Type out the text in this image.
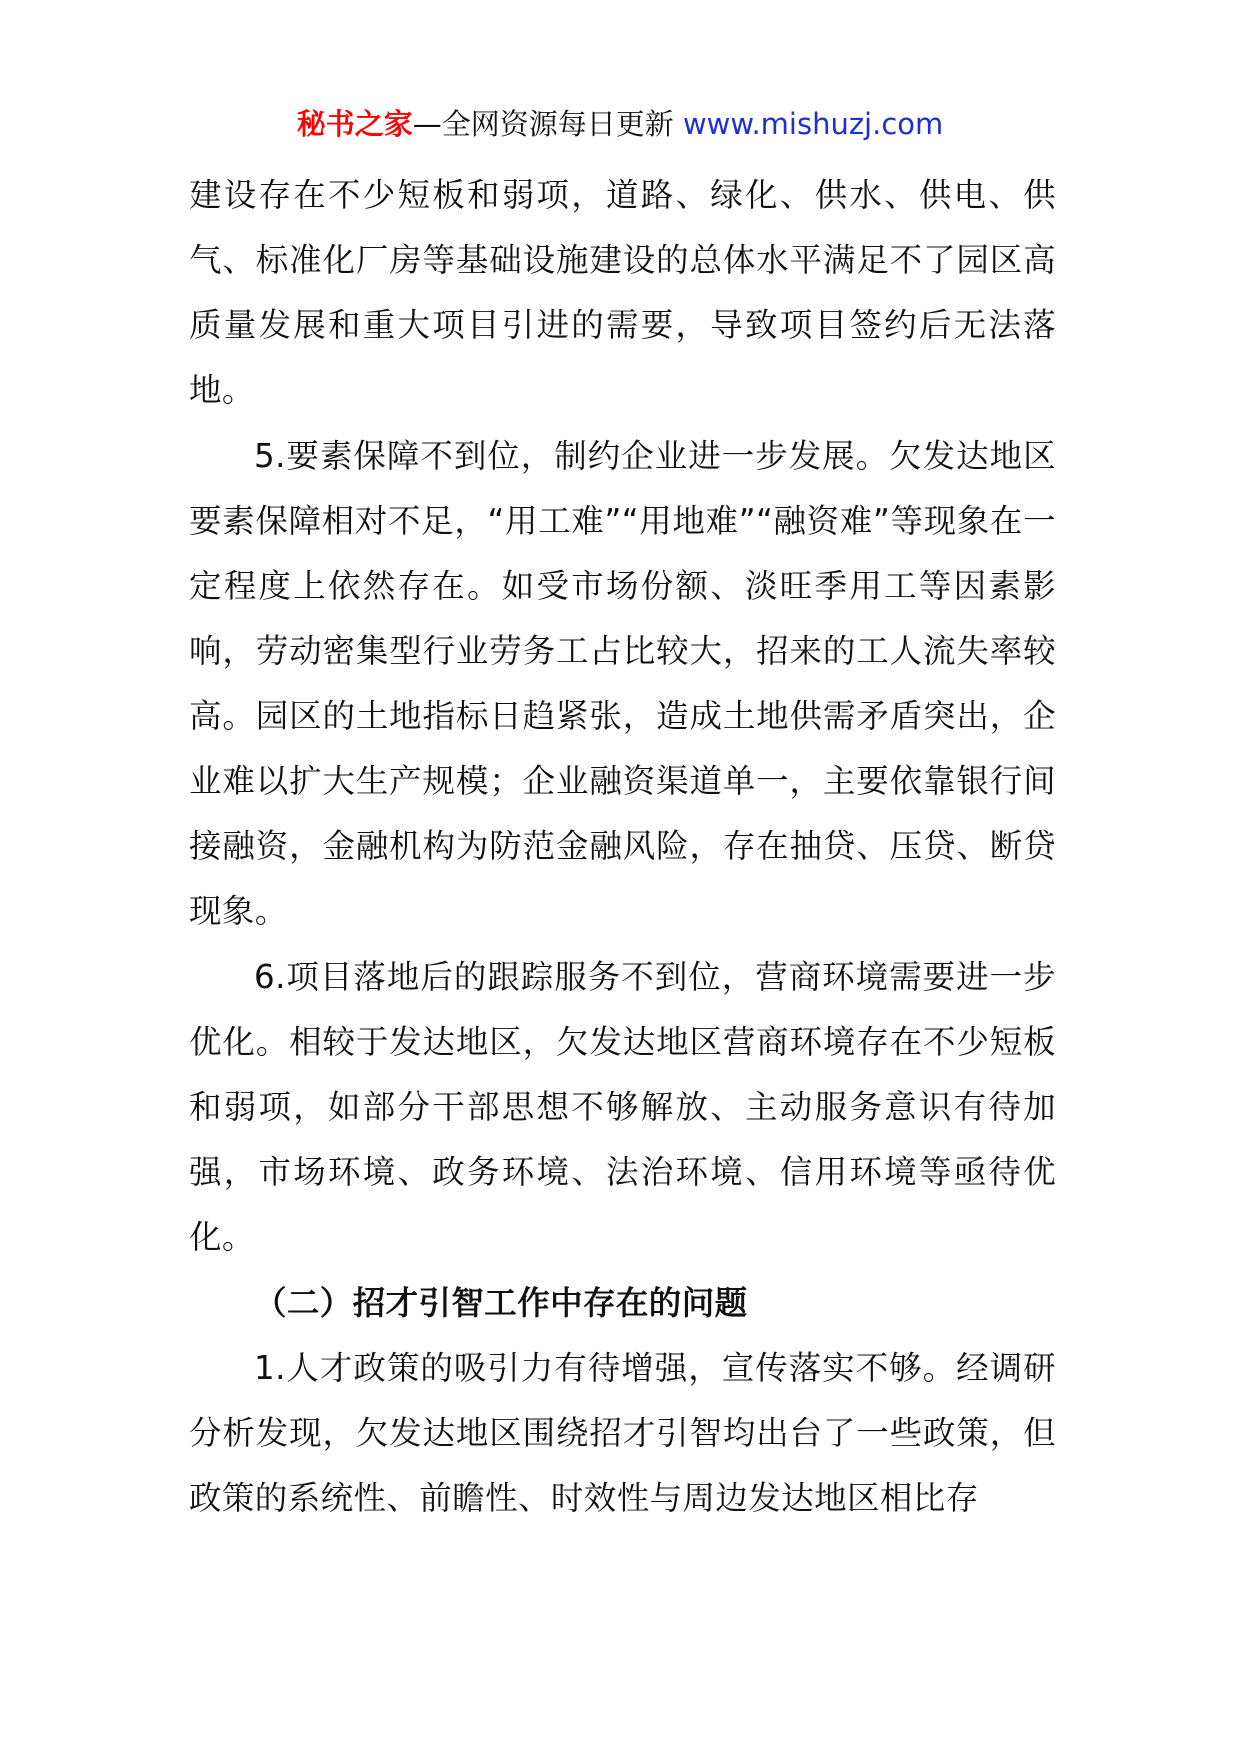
秘书之家—全网资源每日更新 www.mishuzj.com

建设存在不少短板和弱项，道路、绿化、供水、供电、供气、标准化厂房等基础设施建设的总体水平满足不了园区高质量发展和重大项目引进的需要，导致项目签约后无法落地。

5.要素保障不到位，制约企业进一步发展。欠发达地区要素保障相对不足，“用工难”“用地难”“融资难”等现象在一定程度上依然存在。如受市场份额、淡旺季用工等因素影响，劳动密集型行业劳务工占比较大，招来的工人流失率较高。园区的土地指标日趋紧张，造成土地供需矛盾突出，企业难以扩大生产规模；企业融资渠道单一，主要依靠银行间接融资，金融机构为防范金融风险，存在抽贷、压贷、断贷现象。

6.项目落地后的跟踪服务不到位，营商环境需要进一步优化。相较于发达地区，欠发达地区营商环境存在不少短板和弱项，如部分干部思想不够解放、主动服务意识有待加强，市场环境、政务环境、法治环境、信用环境等亟待优化。

（二）招才引智工作中存在的问题

1.人才政策的吸引力有待增强，宣传落实不够。经调研分析发现，欠发达地区围绕招才引智均出台了一些政策，但政策的系统性、前瞻性、时效性与周边发达地区相比存
